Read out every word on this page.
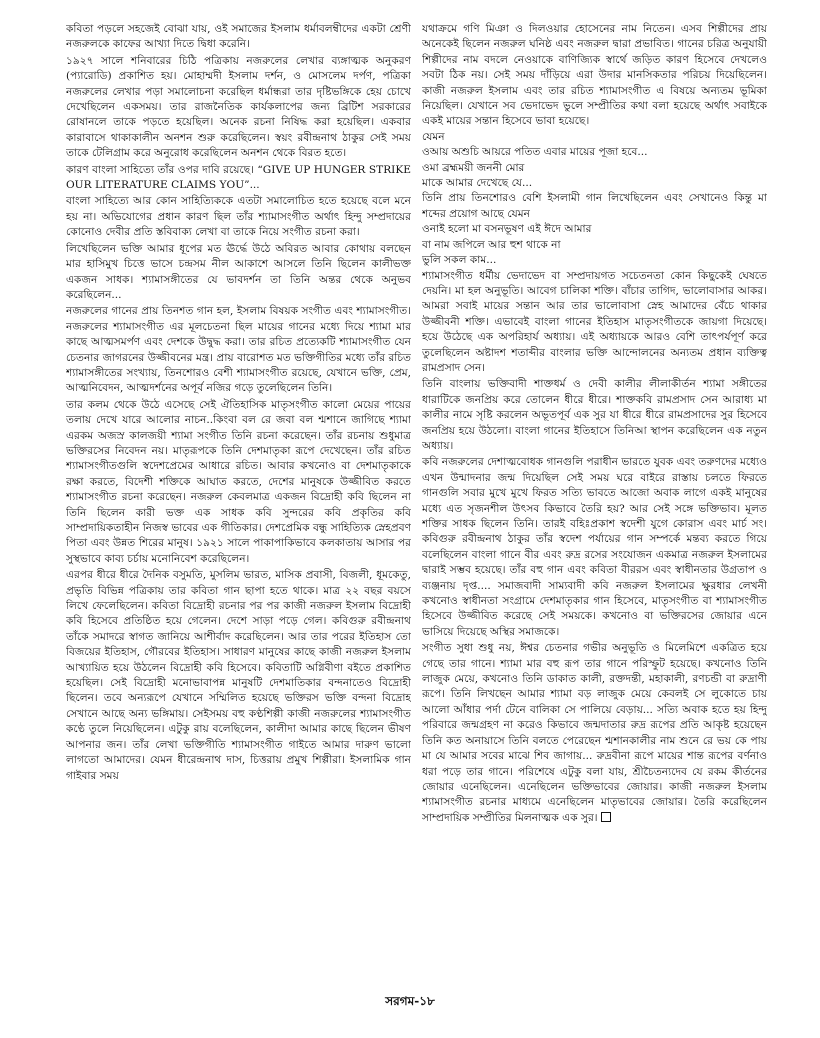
কবিতা পড়লে সহজেই বোঝা যায়, ওই সমাজের ইসলাম ধর্মাবলম্বীদের একটা শ্রেণী নজরুলকে কাফের আখ্যা দিতে দ্বিধা করেনি।

১৯২৭ সালে শনিবারের চিঠি পত্রিকায় নজরুলের লেখার ব্যঙ্গাত্মক অনুকরণ (প্যারোডি) প্রকাশিত হয়। মোহাম্মদী ইসলাম দর্শন, ও মোসলেম দর্পণ, পত্রিকা নজরুলের লেখার পড়া সমালোচনা করেছিল ধর্মান্ধরা তার দৃষ্টিভঙ্গিকে হেয় চোখে দেখেছিলেন একসময়। তার রাজনৈতিক কার্যকলাপের জন্য ব্রিটিশ সরকারের রোষানলে তাকে পড়তে হয়েছিল। অনেক রচনা নিষিদ্ধ করা হয়েছিল। একবার কারাবাসে থাকাকালীন অনশন শুরু করেছিলেন। স্বয়ং রবীন্দ্রনাথ ঠাকুর সেই সময় তাকে টেলিগ্রাম করে অনুরোধ করেছিলেন অনশন থেকে বিরত হতে।

কারণ বাংলা সাহিত্যে তাঁর ওপর দাবি রয়েছে। “GIVE UP HUNGER STRIKE OUR LITERATURE CLAIMS YOU”...

বাংলা সাহিত্যে আর কোন সাহিত্যিককে এতটা সমালোচিত হতে হয়েছে বলে মনে হয় না। অভিযোগের প্রধান কারণ ছিল তাঁর শ্যামাসংগীত অর্থাৎ হিন্দু সম্প্রদায়ের কোনোও দেবীর প্রতি স্তবিবাক্য লেখা বা তাকে নিয়ে সংগীত রচনা করা।

লিখেছিলেন ভক্তি আমার ধূপের মত ঊর্দ্ধে উঠে অবিরত আবার কোথায় বলছেন মার হাসিমুখ চিত্তে ভাসে চন্দ্রসম নীল আকাশে আসলে তিনি ছিলেন কালীভক্ত একজন সাধক। শ্যামাসঙ্গীতের যে ভাবদর্শন তা তিনি অন্তর থেকে অনুভব করেছিলেন...

নজরুলের গানের প্রায় তিনশত গান হল, ইসলাম বিষয়ক সংগীত এবং শ্যামাসংগীত। নজরুলের শ্যামাসংগীত এর মূলচেতনা ছিল মায়ের গানের মধ্যে দিয়ে শ্যামা মার কাছে আত্মসমর্পণ এবং দেশকে উদ্বুদ্ধ করা। তার রচিত প্রত্যেকটি শ্যামাসংগীত যেন চেতনার জাগরনের উজ্জীবনের মন্ত্র। প্রায় বারোশত মত ভক্তিগীতির মধ্যে তাঁর রচিত শ্যামাসঙ্গীতের সংখ্যায়, তিনশোরও বেশী শ্যামাসংগীত রয়েছে, যেখানে ভক্তি, প্রেম, আত্মনিবেদন, আত্মদর্শনের অপূর্ব নজির গড়ে তুলেছিলেন তিনি।

তার কলম থেকে উঠে এসেছে সেই ঐতিহাসিক মাতৃসংগীত কালো মেয়ের পায়ের তলায় দেখে যারে আলোর নাচন..কিংবা বল রে জবা বল শ্মশানে জাগিছে শ্যামা এরকম অজস্র কালজয়ী শ্যামা সংগীত তিনি রচনা করেছেন। তাঁর রচনায় শুধুমাত্র ভক্তিরসের নিবেদন নয়। মাতৃরূপকে তিনি দেশমাতৃকা রূপে দেখেছেন। তাঁর রচিত শ্যামাসংগীতগুলি স্বদেশপ্রেমের আধারে রচিত। আবার কখনোও বা দেশমাতৃকাকে রক্ষা করতে, বিদেশী শক্তিকে আঘাত করতে, দেশের মানুষকে উজ্জীবিত করতে শ্যামাসংগীত রচনা করেছেন। নজরুল কেবলমাত্র একজন বিদ্রোহী কবি ছিলেন না তিনি ছিলেন কারী ভক্ত এক সাধক কবি সুন্দরের কবি প্রকৃতির কবি সাম্প্রদায়িকতাহীন নিজস্ব ভাবের এক গীতিকার। দেশপ্রেমিক বন্ধু সাহিত্যিক স্নেহপ্রবণ পিতা এবং উন্নত শিরের মানুষ। ১৯২১ সালে পাকাপাকিভাবে কলকাতায় আসার পর সুস্থভাবে কাব্য চর্চায় মনোনিবেশ করেছিলেন।

এরপর ধীরে ধীরে দৈনিক বসুমতি, মুসলিম ভারত, মাসিক প্রবাসী, বিজলী, ধূমকেতু, প্রভৃতি বিভিন্ন পত্রিকায় তার কবিতা গান ছাপা হতে থাকে। মাত্র ২২ বছর বয়সে লিখে ফেলেছিলেন। কবিতা বিদ্রোহী রচনার পর পর কাজী নজরুল ইসলাম বিদ্রোহী কবি হিসেবে প্রতিষ্ঠিত হয়ে গেলেন। দেশে সাড়া পড়ে গেল। কবিগুরু রবীন্দ্রনাথ তাঁকে সমাদরে স্বাগত জানিয়ে আশীর্বাদ করেছিলেন। আর তার পরের ইতিহাস তো বিজয়ের ইতিহাস, গৌরবের ইতিহাস। সাধারণ মানুষের কাছে কাজী নজরুল ইসলাম আখ্যায়িত হয়ে উঠলেন বিদ্রোহী কবি হিসেবে। কবিতাটি অগ্নিবীণা বইতে প্রকাশিত হয়েছিল। সেই বিদ্রোহী মনোভাবাপন্ন মানুষটি দেশমাতিকার বন্দনাতেও বিদ্রোহী ছিলেন। তবে অন্যরূপে যেখানে সম্মিলিত হয়েছে ভক্তিরস ভক্তি বন্দনা বিদ্রোহ সেখানে আছে অন্য ভঙ্গিমায়। সেইসময় বহু কণ্ঠশিল্পী কাজী নজরুলের শ্যামাসংগীত কণ্ঠে তুলে নিয়েছিলেন। এটুকু রায় বলেছিলেন, কালীদা আমার কাছে ছিলেন ভীষণ আপনার জন। তাঁর লেখা ভক্তিগীতি শ্যামাসংগীত গাইতে আমার দারুণ ভালো লাগতো আমাদের। যেমন ধীরেন্দ্রনাথ দাস, চিত্তরায় প্রমুখ শিল্পীরা। ইসলামিক গান গাইবার সময়

যথাক্রমে গণি মিঞা ও দিলওয়ার হোসেনের নাম নিতেন। এসব শিল্পীদের প্রায় অনেকেই ছিলেন নজরুল ঘনিষ্ঠ এবং নজরুল দ্বারা প্রভাবিত। গানের চরিত্র অনুযায়ী শিল্পীদের নাম বদলে নেওয়াকে বাণিজ্যিক স্বার্থে জড়িত কারণ হিসেবে দেখলেও সবটা ঠিক নয়। সেই সময় দাঁড়িয়ে এরা উদার মানসিকতার পরিচয় দিয়েছিলেন। কাজী নজরুল ইসলাম এবং তার রচিত শ্যামাসংগীত এ বিষয়ে অন্যতম ভূমিকা নিয়েছিল। যেখানে সব ভেদাভেদ ভুলে সম্প্রীতির কথা বলা হয়েছে অর্থাৎ সবাইকে একই মায়ের সন্তান হিসেবে ভাবা হয়েছে।

যেমন
ওআয় অশুচি আয়রে পতিত এবার মায়ের পূজা হবে...
ওমা ব্রহ্মময়ী জননী মোর
মাকে আমার দেখেছে যে...

তিনি প্রায় তিনশোরও বেশি ইসলামী গান লিখেছিলেন এবং সেখানেও কিন্তু মা শব্দের প্রয়োগ আছে যেমন

ওনাই হলো মা বসনভূষণ এই ঈদে আমার
বা নাম জপিলে আর হুশ থাকে না
ভুলি সকল কাম...

শ্যামাসংগীত ধর্মীয় ভেদাভেদ বা সম্প্রদায়গত সচেতনতা কোন কিছুকেই ঘেষতে দেয়নি। মা হল অনুভূতি। আবেগ চালিকা শক্তি। বাঁচার তাগিদ, ভালোবাসার আকর। আমরা সবাই মায়ের সন্তান আর তার ভালোবাসা স্নেহ আমাদের বেঁচে থাকার উজ্জীবনী শক্তি। এভাবেই বাংলা গানের ইতিহাস মাতৃসংগীতকে জায়গা দিয়েছে। হয়ে উঠেছে এক অপরিহার্য অধ্যায়। এই অধ্যায়কে আরও বেশি তাৎপর্যপূর্ণ করে তুলেছিলেন অষ্টাদশ শতাব্দীর বাংলার ভক্তি আন্দোলনের অন্যতম প্রধান ব্যক্তিত্ব রামপ্রসাদ সেন।

তিনি বাংলায় ভক্তিবাদী শাক্তধর্ম ও দেবী কালীর লীলাকীর্তন শ্যামা সঙ্গীতের ধারাটিকে জনপ্রিয় করে তোলেন ধীরে ধীরে। শাক্তকবি রামপ্রসাদ সেন আরাধ্য মা কালীর নামে সৃষ্টি করলেন অভূতপূর্ব এক সুর যা ধীরে ধীরে রামপ্রসাদের সুর হিসেবে জনপ্রিয় হয়ে উঠলো। বাংলা গানের ইতিহাসে তিনিআ স্থাপন করেছিলেন এক নতুন অধ্যায়।

কবি নজরুলের দেশাত্মবোধক গানগুলি পরাধীন ভারতে যুবক এবং তরুণদের মধ্যেও এখন উন্মাদনার জন্ম দিয়েছিল সেই সময় ঘরে বাইরে রাস্তায় চলতে ফিরতে গানগুলি সবার মুখে মুখে ফিরত সত্যি ভাবতে আজো অবাক লাগে একই মানুষের মধ্যে এত সৃজনশীল উৎসব কিভাবে তৈরি হয়? আর সেই সঙ্গে ভক্তিভাব। মূলত শক্তির সাধক ছিলেন তিনি। তারই বহিঃপ্রকাশ স্বদেশী যুগে কোরাস এবং মার্চ সং। কবিগুরু রবীন্দ্রনাথ ঠাকুর তাঁর স্বদেশ পর্যায়ের গান সম্পর্কে মন্তব্য করতে গিয়ে বলেছিলেন বাংলা গানে বীর এবং রুদ্র রসের সংযোজন একমাত্র নজরুল ইসলামের দ্বারাই সম্ভব হয়েছে। তাঁর বহু গান এবং কবিতা বীররস এবং স্বাধীনতার উগ্রতাপ ও ব্যঞ্জনায় দৃপ্ত.... সমাজবাদী সাম্যবাদী কবি নজরুল ইসলামের ক্ষুরধার লেখনী কখনোও স্বাধীনতা সংগ্রামে দেশমাতৃকার গান হিসেবে, মাতৃসংগীত বা শ্যামাসংগীত হিসেবে উজ্জীবিত করেছে সেই সময়কে। কখনোও বা ভক্তিরসের জোয়ার এনে ভাসিয়ে দিয়েছে অস্থির সমাজকে।

সংগীত সুধা শুধু নয়, ঈশ্বর চেতনার গভীর অনুভূতি ও মিলেমিশে একত্রিত হয়ে গেছে তার গানে। শ্যামা মার বহু রূপ তার গানে পরিস্ফুট হয়েছে। কখনোও তিনি লাজুক মেয়ে, কখনোও তিনি ডাকাত কালী, রক্তদন্তী, মহাকালী, রণচন্ডী বা রুদ্রাণী রূপে। তিনি লিখছেন আমার শ্যামা বড় লাজুক মেয়ে কেবলই সে লুকোতে চায় আলো আঁধার পর্দা টেনে বালিকা সে পালিয়ে বেড়ায়... সত্যি অবাক হতে হয় হিন্দু পরিবারে জন্মগ্রহণ না করেও কিভাবে জন্মদাতার রুদ্র রূপের প্রতি আকৃষ্ট হয়েছেন তিনি কত অনায়াসে তিনি বলতে পেরেছেন শ্মশানকালীর নাম শুনে রে ভয় কে পায় মা যে আমার সবের মাঝে শিব জাগায়... রুদ্রবীনা রূপে মায়ের শান্ত রূপের বর্ণনাও ধরা পড়ে তার গানে। পরিশেষে এটুকু বলা যায়, শ্রীচৈতন্যদেব যে রকম কীর্তনের জোয়ার এনেছিলেন। এনেছিলেন ভক্তিভাবের জোয়ার। কাজী নজরুল ইসলাম শ্যামাসংগীত রচনার মাধ্যমে এনেছিলেন মাতৃভাবের জোয়ার। তৈরি করেছিলেন সাম্প্রদায়িক সম্প্রীতির মিলনাত্মক এক সুর।

সরগম-১৮
